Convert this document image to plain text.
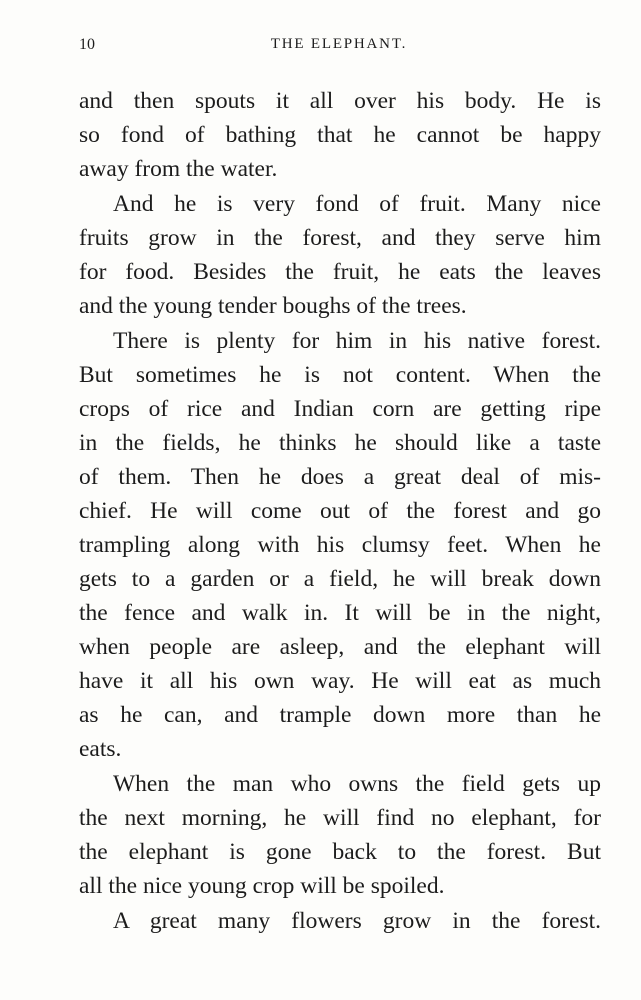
10	THE ELEPHANT.
and then spouts it all over his body. He is
so fond of bathing that he cannot be happy
away from the water.
And he is very fond of fruit. Many nice
fruits grow in the forest, and they serve him
for food. Besides the fruit, he eats the leaves
and the young tender boughs of the trees.
There is plenty for him in his native forest.
But sometimes he is not content. When the
crops of rice and Indian corn are getting ripe
in the fields, he thinks he should like a taste
of them. Then he does a great deal of mis-
chief. He will come out of the forest and go
trampling along with his clumsy feet. When he
gets to a garden or a field, he will break down
the fence and walk in. It will be in the night,
when people are asleep, and the elephant will
have it all his own way. He will eat as much
as he can, and trample down more than he
eats.
When the man who owns the field gets up
the next morning, he will find no elephant, for
the elephant is gone back to the forest. But
all the nice young crop will be spoiled.
A great many flowers grow in the forest.
